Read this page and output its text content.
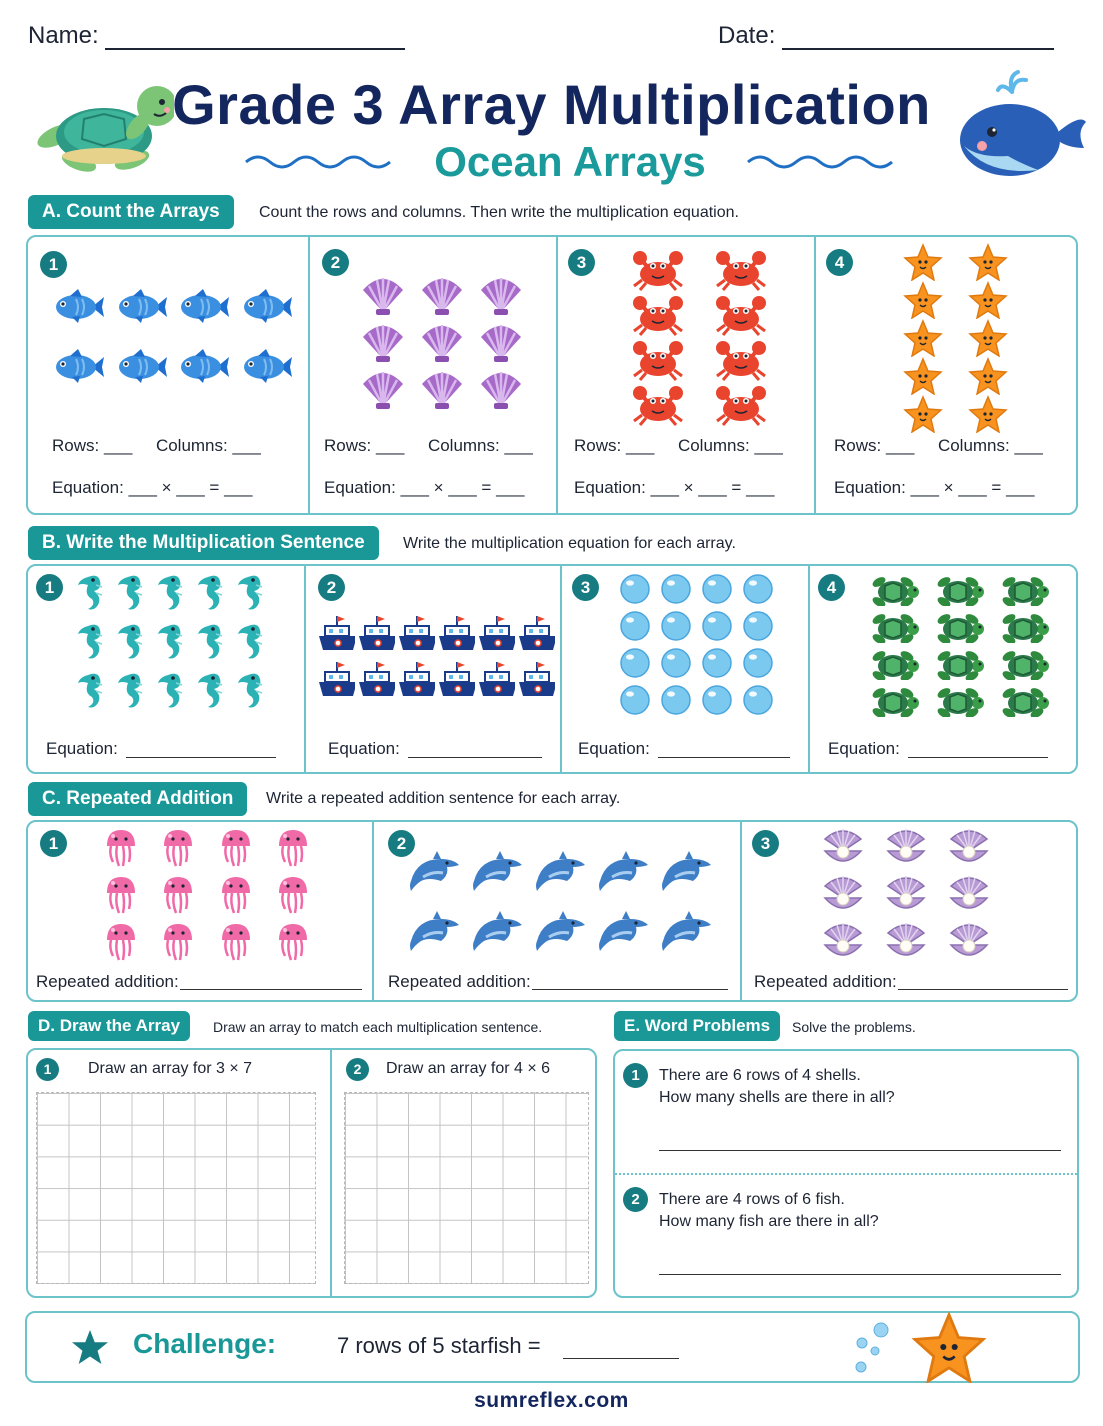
Name:	Date:
Grade 3 Array Multiplication
Ocean Arrays
A. Count the Arrays	Count the rows and columns. Then write the multiplication equation.
1
Rows: ___     Columns: ___
Equation: ___ × ___ = ___
2
Rows: ___     Columns: ___
Equation: ___ × ___ = ___
3
Rows: ___     Columns: ___
Equation: ___ × ___ = ___
4
Rows: ___     Columns: ___
Equation: ___ × ___ = ___
B. Write the Multiplication Sentence	Write the multiplication equation for each array.
1
Equation:
2
Equation:
3
Equation:
4
Equation:
C. Repeated Addition	Write a repeated addition sentence for each array.
1
Repeated addition:
2
Repeated addition:
3
Repeated addition:
D. Draw the Array	Draw an array to match each multiplication sentence.
1	Draw an array for 3 × 7	2	Draw an array for 4 × 6
E. Word Problems	Solve the problems.
1	There are 6 rows of 4 shells.
How many shells are there in all?
2	There are 4 rows of 6 fish.
How many fish are there in all?
Challenge:	7 rows of 5 starfish =
sumreflex.com
